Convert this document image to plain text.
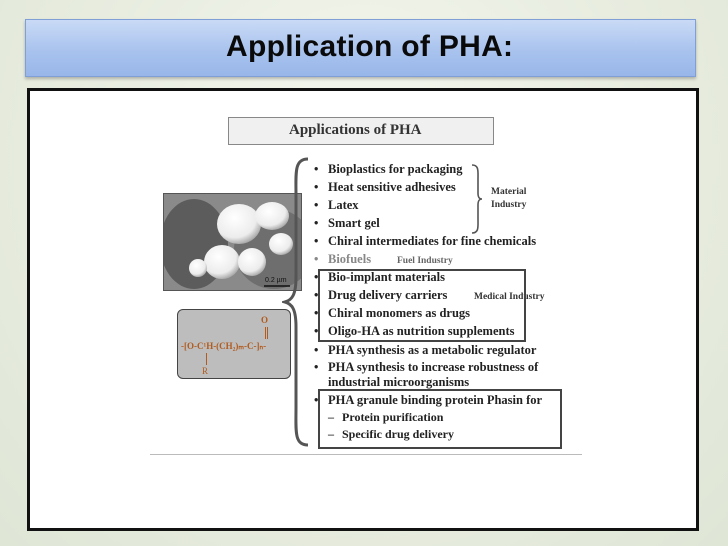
Application of PHA:
Applications of PHA
0.2 µm
O
-[O-C¹H-(CH₂)ₘ-C-]ₙ-
R
Material
Industry
Fuel Industry
Medical Industry
• Bioplastics for packaging
• Heat sensitive adhesives
• Latex
• Smart gel
• Chiral intermediates for fine chemicals
• Biofuels
• Bio-implant materials
• Drug delivery carriers
• Chiral monomers as drugs
• Oligo-HA as nutrition supplements
• PHA synthesis as a metabolic regulator
• PHA synthesis to increase robustness of
industrial microorganisms
• PHA granule binding protein Phasin for
– Protein purification
– Specific drug delivery
